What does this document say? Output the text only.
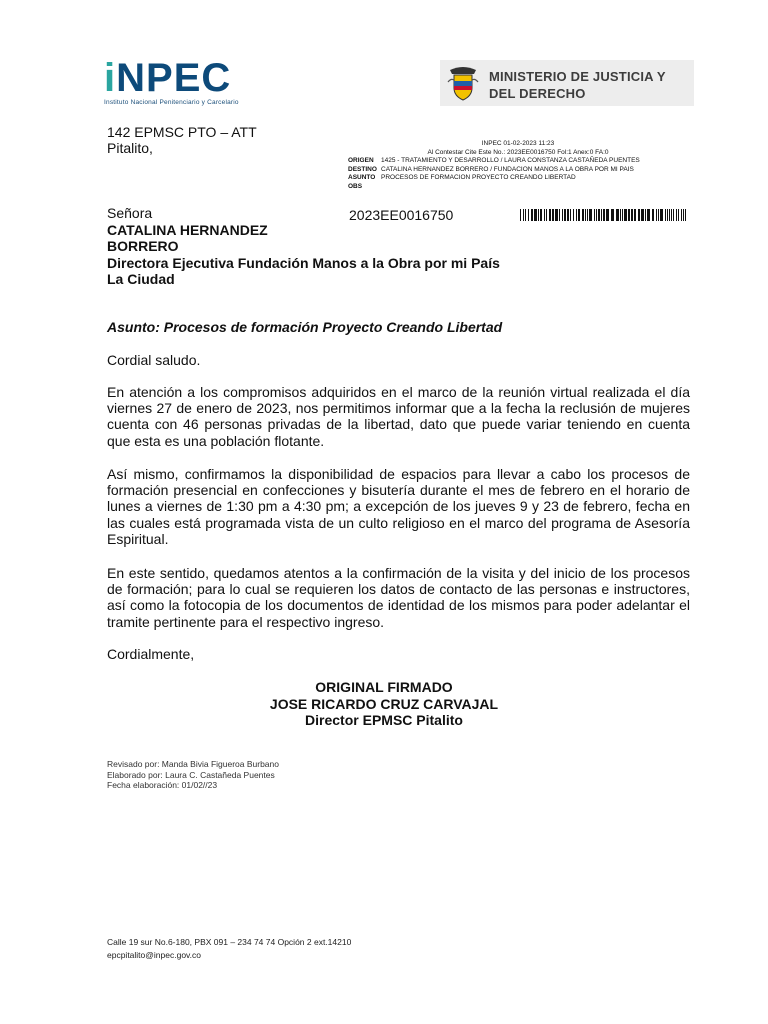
iNPEC
Instituto Nacional Penitenciario y Carcelario
MINISTERIO DE JUSTICIA Y
DEL DERECHO
142 EPMSC PTO – ATT
Pitalito,	INPEC 01-02-2023 11:23
Al Contestar Cite Este No.: 2023EE0016750 Fol:1 Anex:0 FA:0
ORIGEN	1425 - TRATAMIENTO Y DESARROLLO / LAURA CONSTANZA CASTAÑEDA PUENTES
DESTINO CATALINA HERNANDEZ BORRERO / FUNDACION MANOS A LA OBRA POR MI PAIS
ASUNTO PROCESOS DE FORMACION PROYECTO CREANDO LIBERTAD
OBS
2023EE0016750
Señora
CATALINA HERNANDEZ
BORRERO
Directora Ejecutiva Fundación Manos a la Obra por mi País
La Ciudad
Asunto: Procesos de formación Proyecto Creando Libertad
Cordial saludo.
En atención a los compromisos adquiridos en el marco de la reunión virtual realizada el día viernes 27 de enero de 2023, nos permitimos informar que a la fecha la reclusión de mujeres cuenta con 46 personas privadas de la libertad, dato que puede variar teniendo en cuenta que esta es una población flotante.
Así mismo, confirmamos la disponibilidad de espacios para llevar a cabo los procesos de formación presencial en confecciones y bisutería durante el mes de febrero en el horario de lunes a viernes de 1:30 pm a 4:30 pm; a excepción de los jueves 9 y 23 de febrero, fecha en las cuales está programada vista de un culto religioso en el marco del programa de Asesoría Espiritual.
En este sentido, quedamos atentos a la confirmación de la visita y del inicio de los procesos de formación; para lo cual se requieren los datos de contacto de las personas e instructores, así como la fotocopia de los documentos de identidad de los mismos para poder adelantar el tramite pertinente para el respectivo ingreso.
Cordialmente,
ORIGINAL FIRMADO
JOSE RICARDO CRUZ CARVAJAL
Director EPMSC Pitalito
Revisado por: Manda Bivia Figueroa Burbano
Elaborado por: Laura C. Castañeda Puentes
Fecha elaboración: 01/02//23
Calle 19 sur No.6-180, PBX 091 – 234 74 74 Opción 2 ext.14210
epcpitalito@inpec.gov.co
